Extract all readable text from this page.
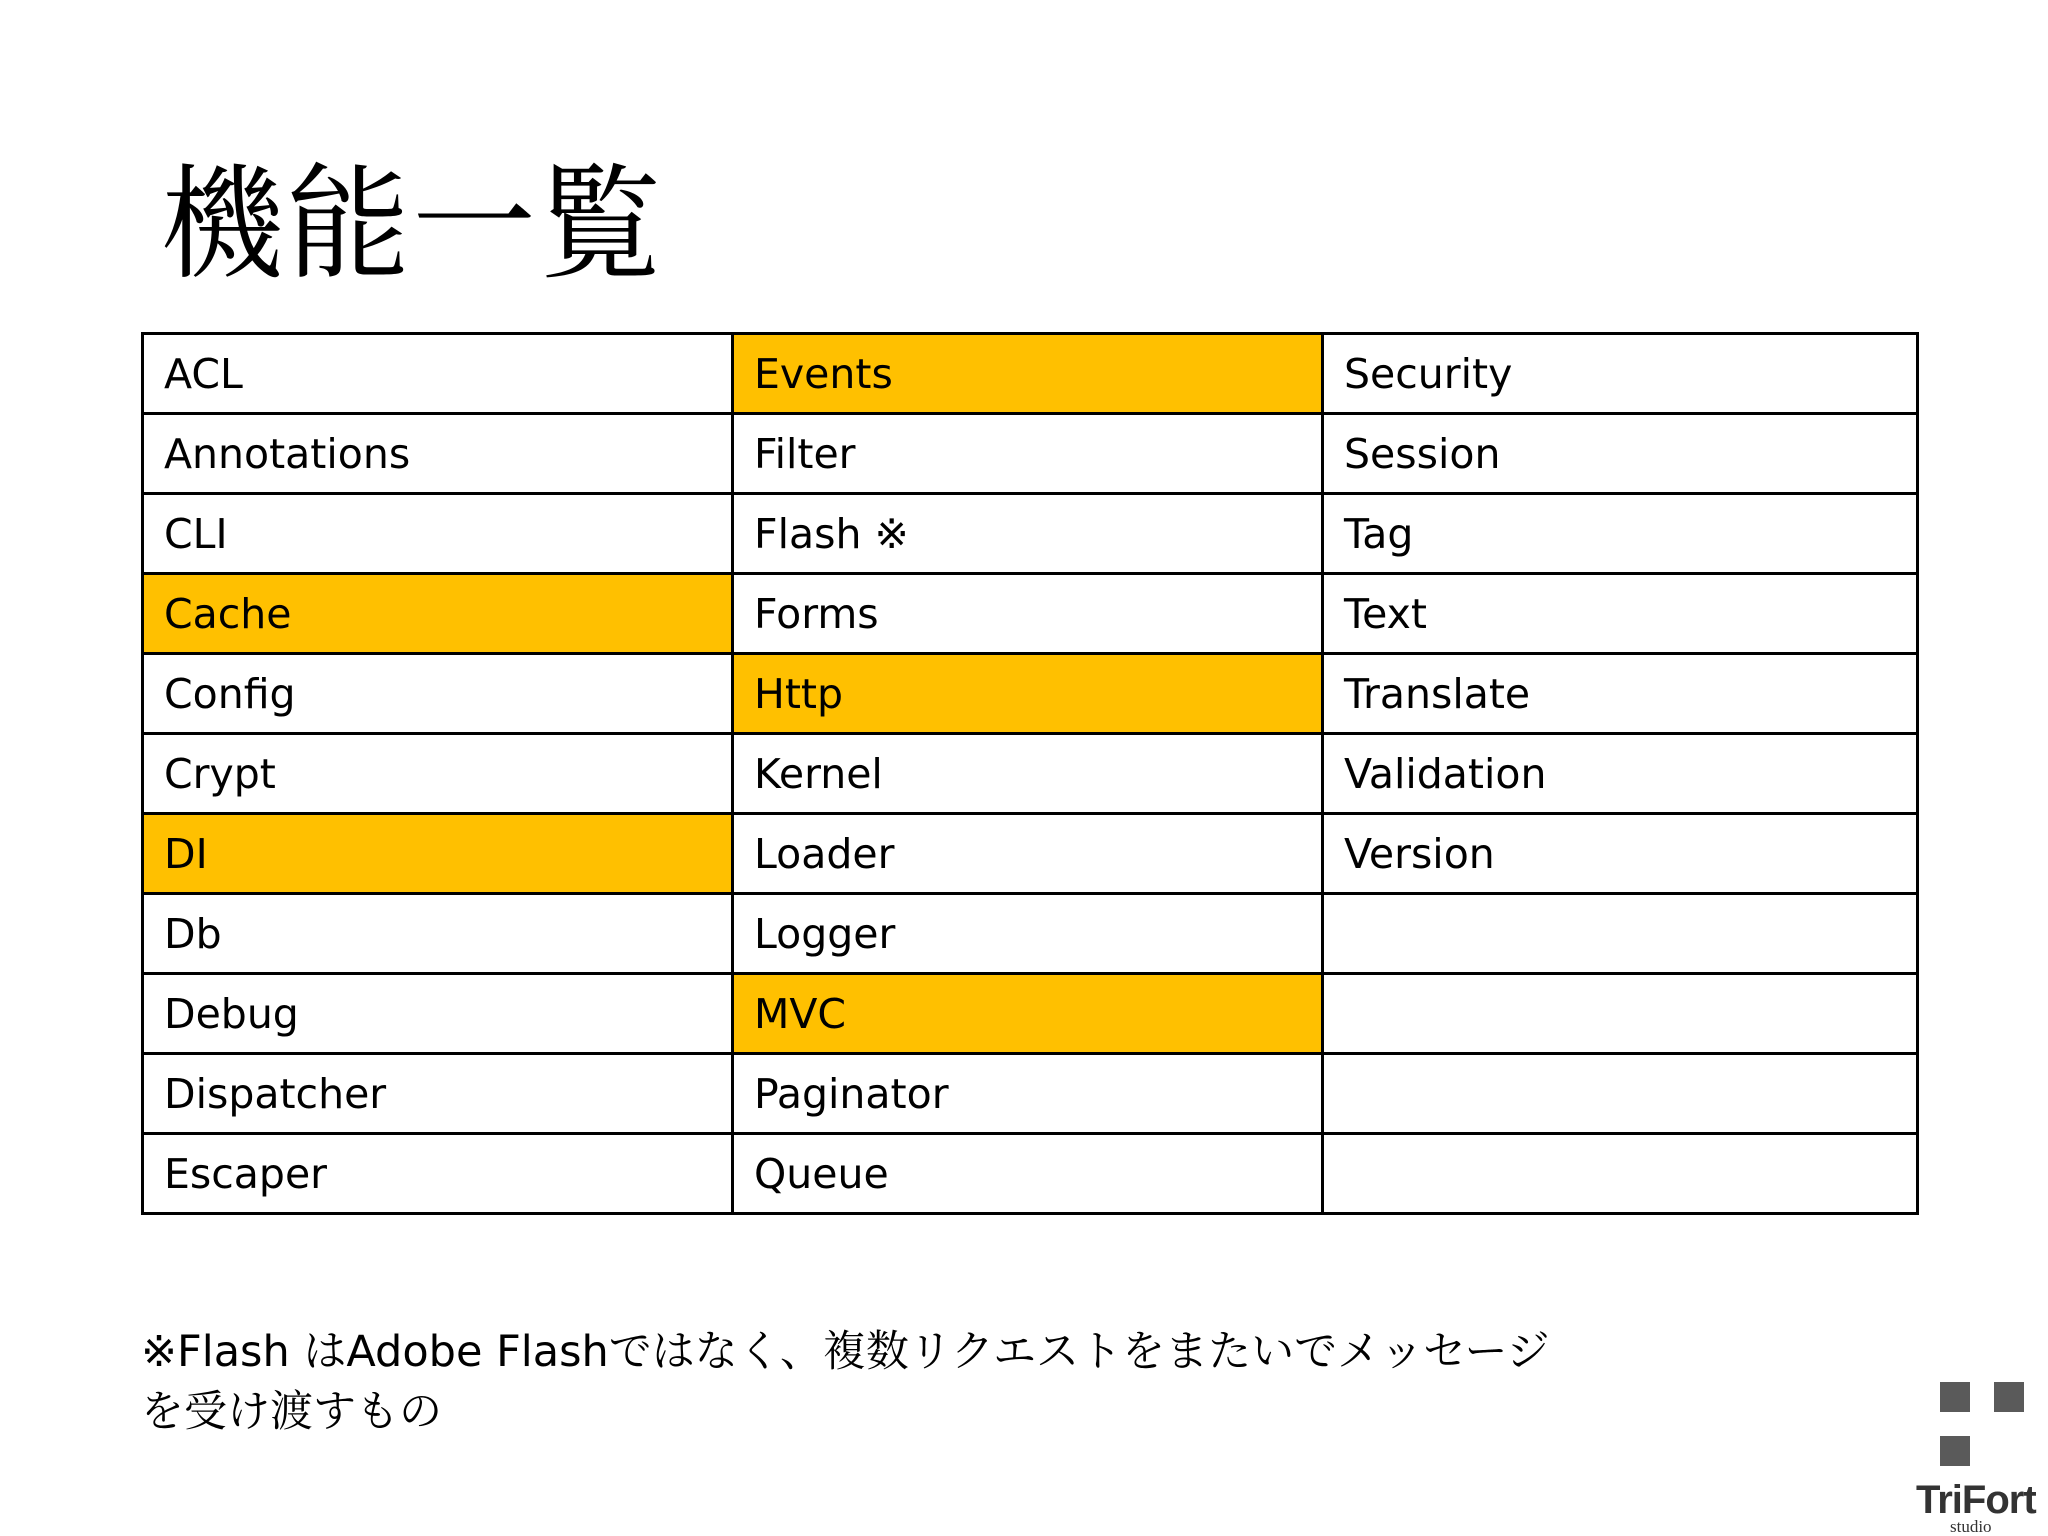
機能一覧
ACL	Events	Security
Annotations	Filter	Session
CLI	Flash ※	Tag
Cache	Forms	Text
Config	Http	Translate
Crypt	Kernel	Validation
DI	Loader	Version
Db	Logger	
Debug	MVC	
Dispatcher	Paginator	
Escaper	Queue	
※Flash はAdobe Flashではなく、複数リクエストをまたいでメッセージ
を受け渡すもの
TriFort
studio
